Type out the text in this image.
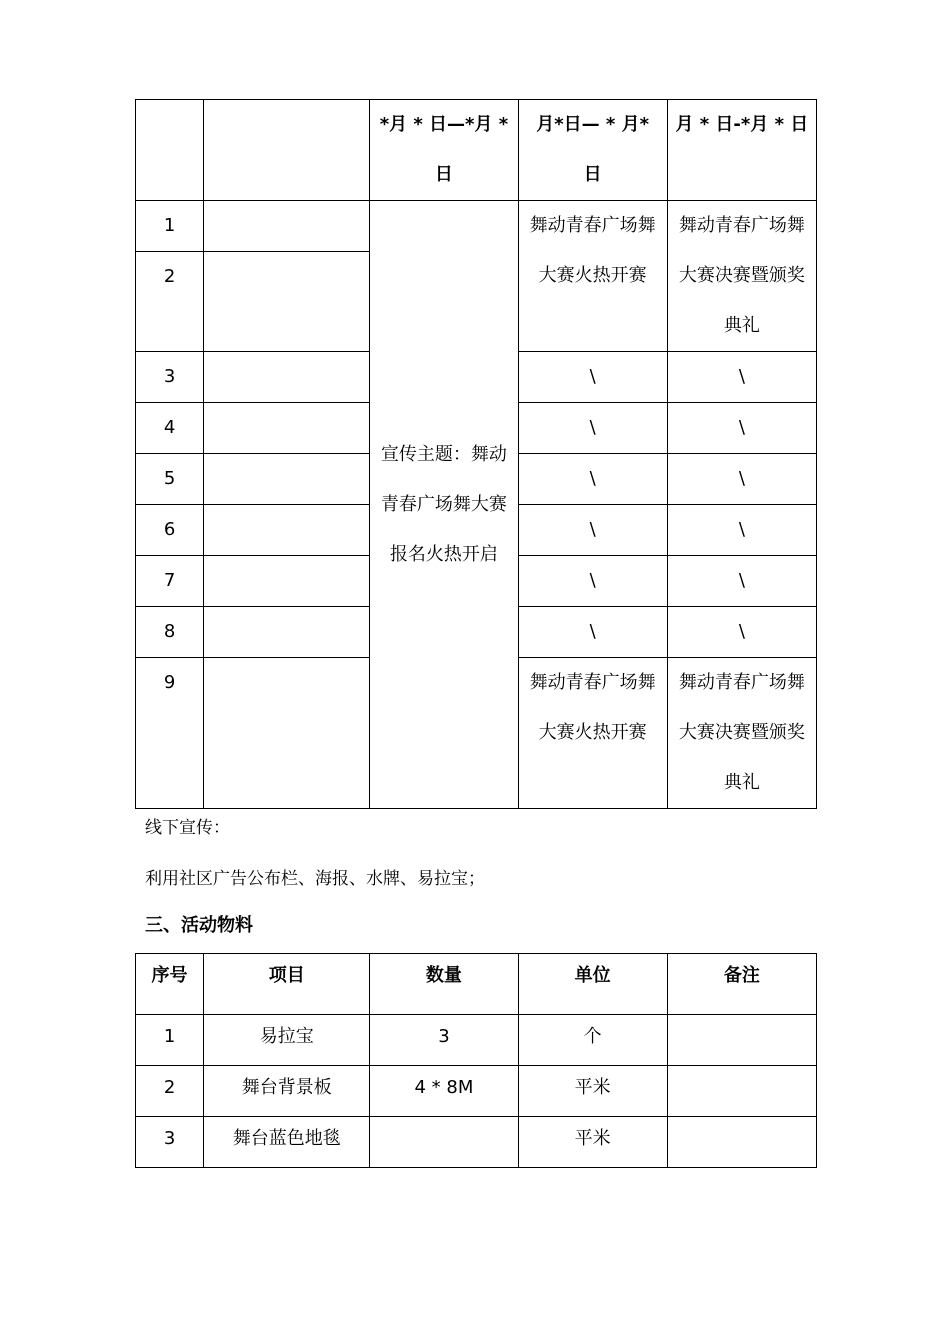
		*月 * 日—*月 * 日	月*日— * 月* 日	月 * 日-*月 * 日

1		宣传主题：舞动青春广场舞大赛报名火热开启	舞动青春广场舞大赛火热开赛	舞动青春广场舞大赛决赛暨颁奖典礼

2				
3			\	\
4			\	\
5			\	\
6			\	\
7			\	\
8			\	\
9			舞动青春广场舞大赛火热开赛	舞动青春广场舞大赛决赛暨颁奖典礼
线下宣传：
利用社区广告公布栏、海报、水牌、易拉宝；
三、活动物料
序号	项目	数量	单位	备注
1	易拉宝	3	个	
2	舞台背景板	4 * 8M	平米	
3	舞台蓝色地毯		平米	
